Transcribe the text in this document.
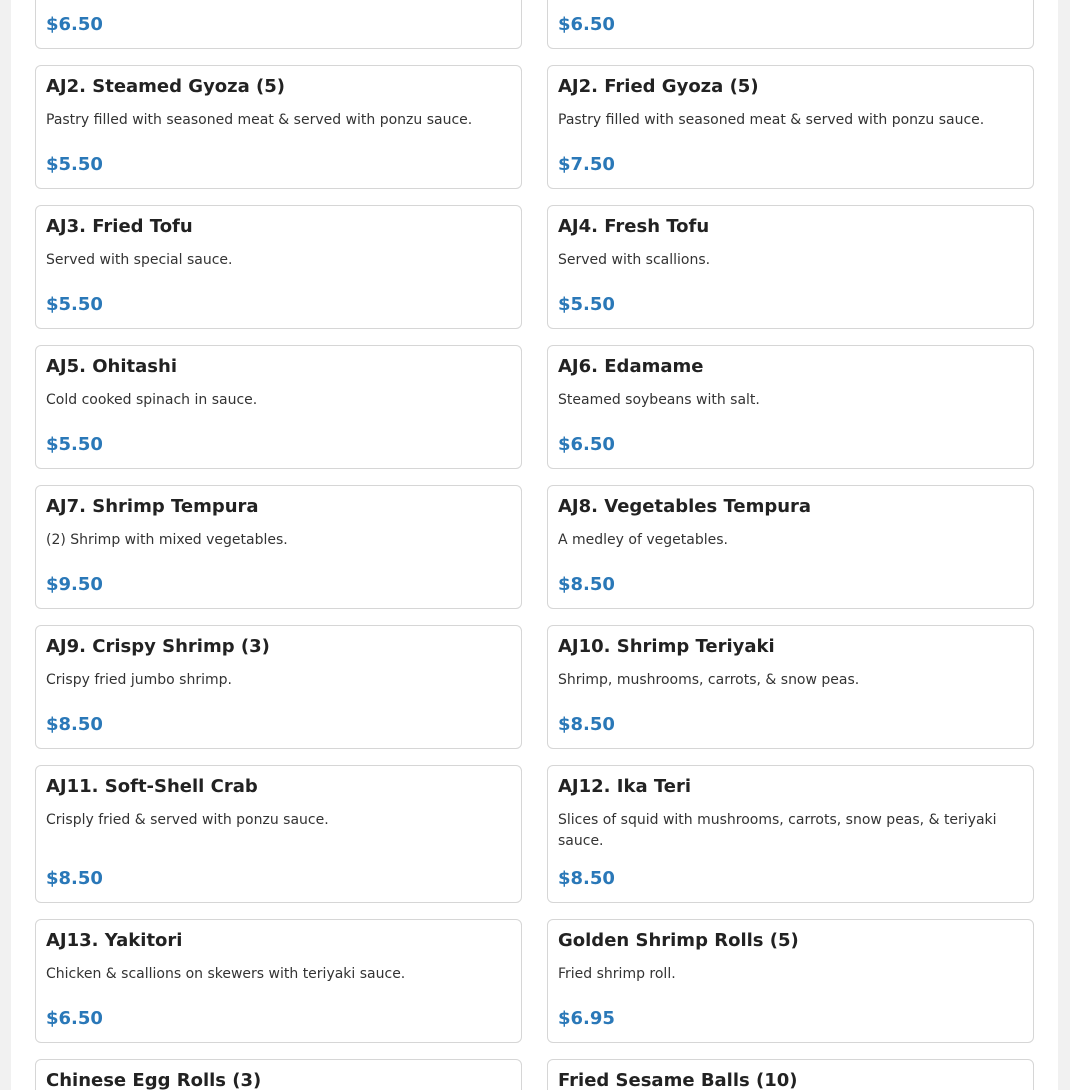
$6.50	$6.50
AJ2. Steamed Gyoza (5)
Pastry filled with seasoned meat & served with ponzu sauce.
$5.50
AJ2. Fried Gyoza (5)
Pastry filled with seasoned meat & served with ponzu sauce.
$7.50
AJ3. Fried Tofu
Served with special sauce.
$5.50
AJ4. Fresh Tofu
Served with scallions.
$5.50
AJ5. Ohitashi
Cold cooked spinach in sauce.
$5.50
AJ6. Edamame
Steamed soybeans with salt.
$6.50
AJ7. Shrimp Tempura
(2) Shrimp with mixed vegetables.
$9.50
AJ8. Vegetables Tempura
A medley of vegetables.
$8.50
AJ9. Crispy Shrimp (3)
Crispy fried jumbo shrimp.
$8.50
AJ10. Shrimp Teriyaki
Shrimp, mushrooms, carrots, & snow peas.
$8.50
AJ11. Soft-Shell Crab
Crisply fried & served with ponzu sauce.
$8.50
AJ12. Ika Teri
Slices of squid with mushrooms, carrots, snow peas, & teriyaki sauce.
$8.50
AJ13. Yakitori
Chicken & scallions on skewers with teriyaki sauce.
$6.50
Golden Shrimp Rolls (5)
Fried shrimp roll.
$6.95
Chinese Egg Rolls (3)	Fried Sesame Balls (10)
